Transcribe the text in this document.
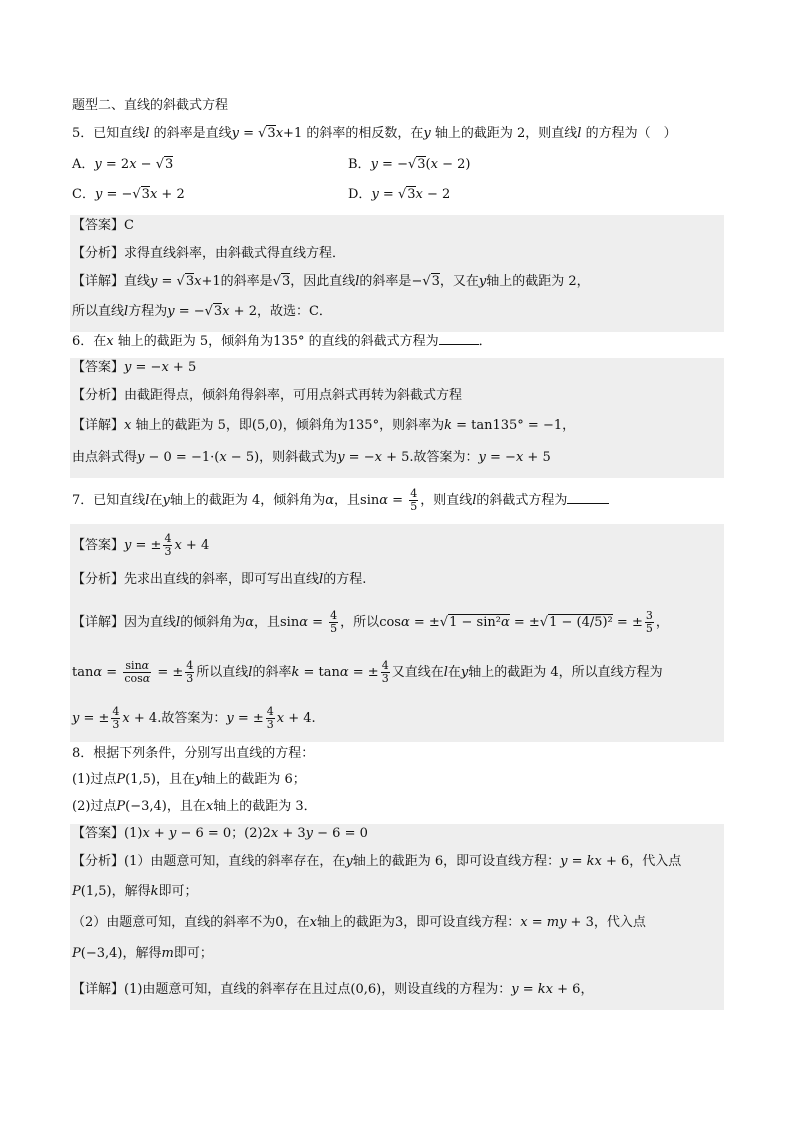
题型二、直线的斜截式方程
5．已知直线l 的斜率是直线y = √3x+1 的斜率的相反数，在y 轴上的截距为 2，则直线l 的方程为（　）
A．y = 2x − √3	B．y = −√3(x − 2)
C．y = −√3x + 2	D．y = √3x − 2
【答案】C
【分析】求得直线斜率，由斜截式得直线方程．
【详解】直线y = √3x+1的斜率是√3，因此直线l的斜率是−√3，又在y轴上的截距为 2，
所以直线l方程为y = −√3x + 2，故选：C．
6．在x 轴上的截距为 5，倾斜角为135° 的直线的斜截式方程为	．
【答案】y = −x + 5
【分析】由截距得点，倾斜角得斜率，可用点斜式再转为斜截式方程
【详解】x 轴上的截距为 5，即(5,0)，倾斜角为135°，则斜率为k = tan135° = −1，
由点斜式得y − 0 = −1·(x − 5)，则斜截式为y = −x + 5.故答案为：y = −x + 5
7．已知直线l在y轴上的截距为 4，倾斜角为α，且$\sin\alpha = \frac{4}{5}$ ，则直线l的斜截式方程为
【答案】y = ± $\frac{4}{3}$ x + 4
【分析】先求出直线的斜率，即可写出直线l的方程.
【详解】因为直线l的倾斜角为α，且$\sin\alpha = \frac{4}{5}$ ，所以cosα = ±√1 − sin²α = ±√1 − (4/5)² = ± $\frac{3}{5}$ ，
$\tan\alpha = \frac{\sin\alpha}{\cos\alpha}$ = ± $\frac{4}{3}$ 所以直线l的斜率k = tanα = ± $\frac{4}{3}$ 又直线在l在y轴上的截距为 4，所以直线方程为
y = ± $\frac{4}{3}$ x + 4.故答案为：y = ± $\frac{4}{3}$ x + 4.
8．根据下列条件，分别写出直线的方程：
(1)过点P(1,5)，且在y轴上的截距为 6；
(2)过点P(−3,4)，且在x轴上的截距为 3．
【答案】(1)x + y − 6 = 0；(2)2x + 3y − 6 = 0
【分析】(1）由题意可知，直线的斜率存在，在y轴上的截距为 6，即可设直线方程：y = kx + 6，代入点
P(1,5)，解得k即可；
（2）由题意可知，直线的斜率不为0，在x轴上的截距为3，即可设直线方程：x = my + 3，代入点
P(−3,4)，解得m即可；
【详解】(1)由题意可知，直线的斜率存在且过点(0,6)，则设直线的方程为：y = kx + 6，
